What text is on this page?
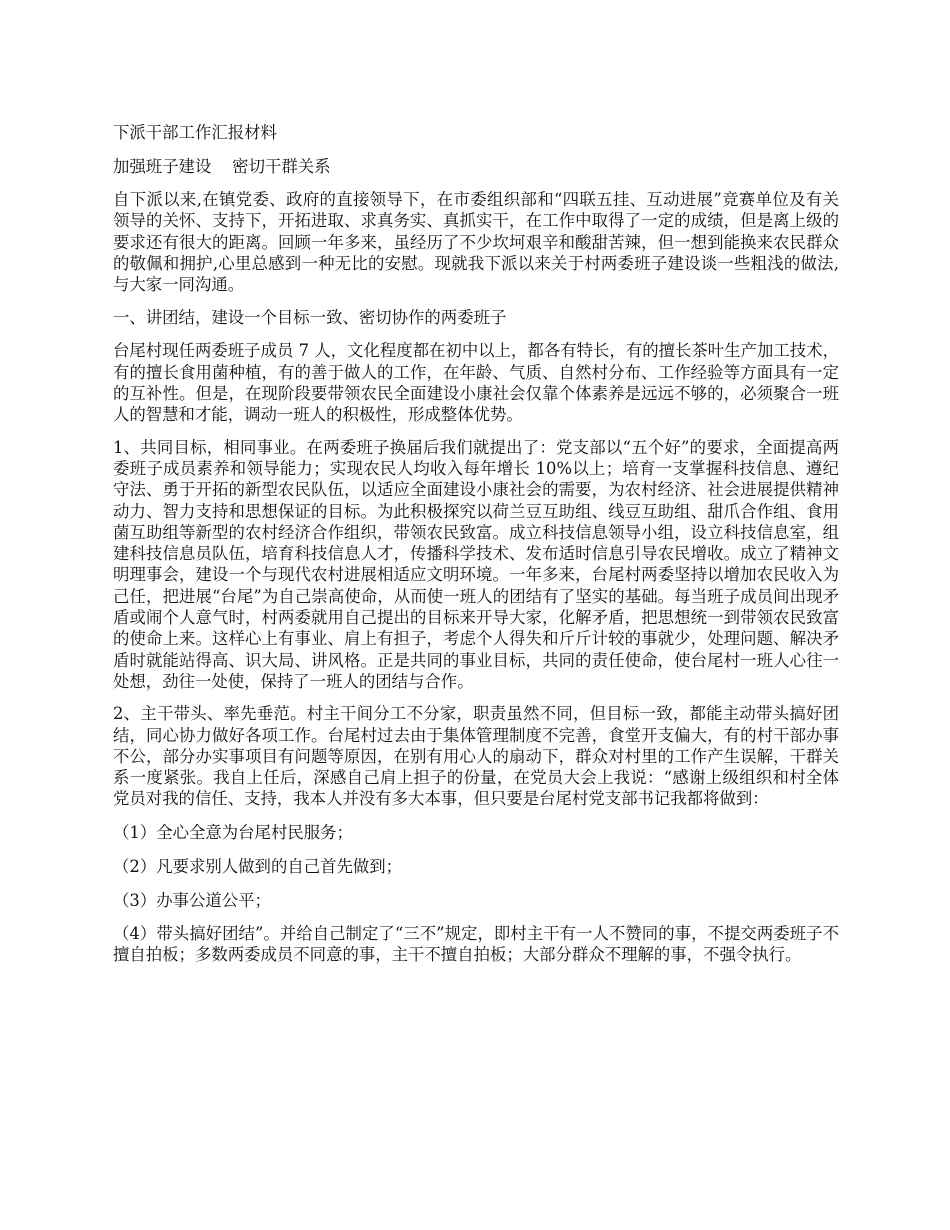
下派干部工作汇报材料
加强班子建设    密切干群关系

自下派以来,在镇党委、政府的直接领导下，在市委组织部和“四联五挂、互动进展”竞赛单位及有关领导的关怀、支持下，开拓进取、求真务实、真抓实干，在工作中取得了一定的成绩，但是离上级的要求还有很大的距离。回顾一年多来，虽经历了不少坎坷艰辛和酸甜苦辣，但一想到能换来农民群众的敬佩和拥护,心里总感到一种无比的安慰。现就我下派以来关于村两委班子建设谈一些粗浅的做法,与大家一同沟通。

一、讲团结，建设一个目标一致、密切协作的两委班子

台尾村现任两委班子成员 7 人，文化程度都在初中以上，都各有特长，有的擅长茶叶生产加工技术，有的擅长食用菌种植，有的善于做人的工作，在年龄、气质、自然村分布、工作经验等方面具有一定的互补性。但是，在现阶段要带领农民全面建设小康社会仅靠个体素养是远远不够的，必须聚合一班人的智慧和才能，调动一班人的积极性，形成整体优势。

1、共同目标，相同事业。在两委班子换届后我们就提出了：党支部以“五个好”的要求，全面提高两委班子成员素养和领导能力；实现农民人均收入每年增长 10%以上；培育一支掌握科技信息、遵纪守法、勇于开拓的新型农民队伍，以适应全面建设小康社会的需要，为农村经济、社会进展提供精神动力、智力支持和思想保证的目标。为此积极探究以荷兰豆互助组、线豆互助组、甜爪合作组、食用菌互助组等新型的农村经济合作组织，带领农民致富。成立科技信息领导小组，设立科技信息室，组建科技信息员队伍，培育科技信息人才，传播科学技术、发布适时信息引导农民增收。成立了精神文明理事会，建设一个与现代农村进展相适应文明环境。一年多来，台尾村两委坚持以增加农民收入为己任，把进展“台尾”为自己崇高使命，从而使一班人的团结有了坚实的基础。每当班子成员间出现矛盾或闹个人意气时，村两委就用自己提出的目标来开导大家，化解矛盾，把思想统一到带领农民致富的使命上来。这样心上有事业、肩上有担子，考虑个人得失和斤斤计较的事就少，处理问题、解决矛盾时就能站得高、识大局、讲风格。正是共同的事业目标，共同的责任使命，使台尾村一班人心往一处想，劲往一处使，保持了一班人的团结与合作。

2、主干带头、率先垂范。村主干间分工不分家，职责虽然不同，但目标一致，都能主动带头搞好团结，同心协力做好各项工作。台尾村过去由于集体管理制度不完善，食堂开支偏大，有的村干部办事不公，部分办实事项目有问题等原因，在别有用心人的扇动下，群众对村里的工作产生误解，干群关系一度紧张。我自上任后，深感自己肩上担子的份量，在党员大会上我说：“感谢上级组织和村全体党员对我的信任、支持，我本人并没有多大本事，但只要是台尾村党支部书记我都将做到：

（1）全心全意为台尾村民服务；
（2）凡要求别人做到的自己首先做到；
（3）办事公道公平；

（4）带头搞好团结”。并给自己制定了“三不”规定，即村主干有一人不赞同的事，不提交两委班子不擅自拍板；多数两委成员不同意的事，主干不擅自拍板；大部分群众不理解的事，不强令执行。
